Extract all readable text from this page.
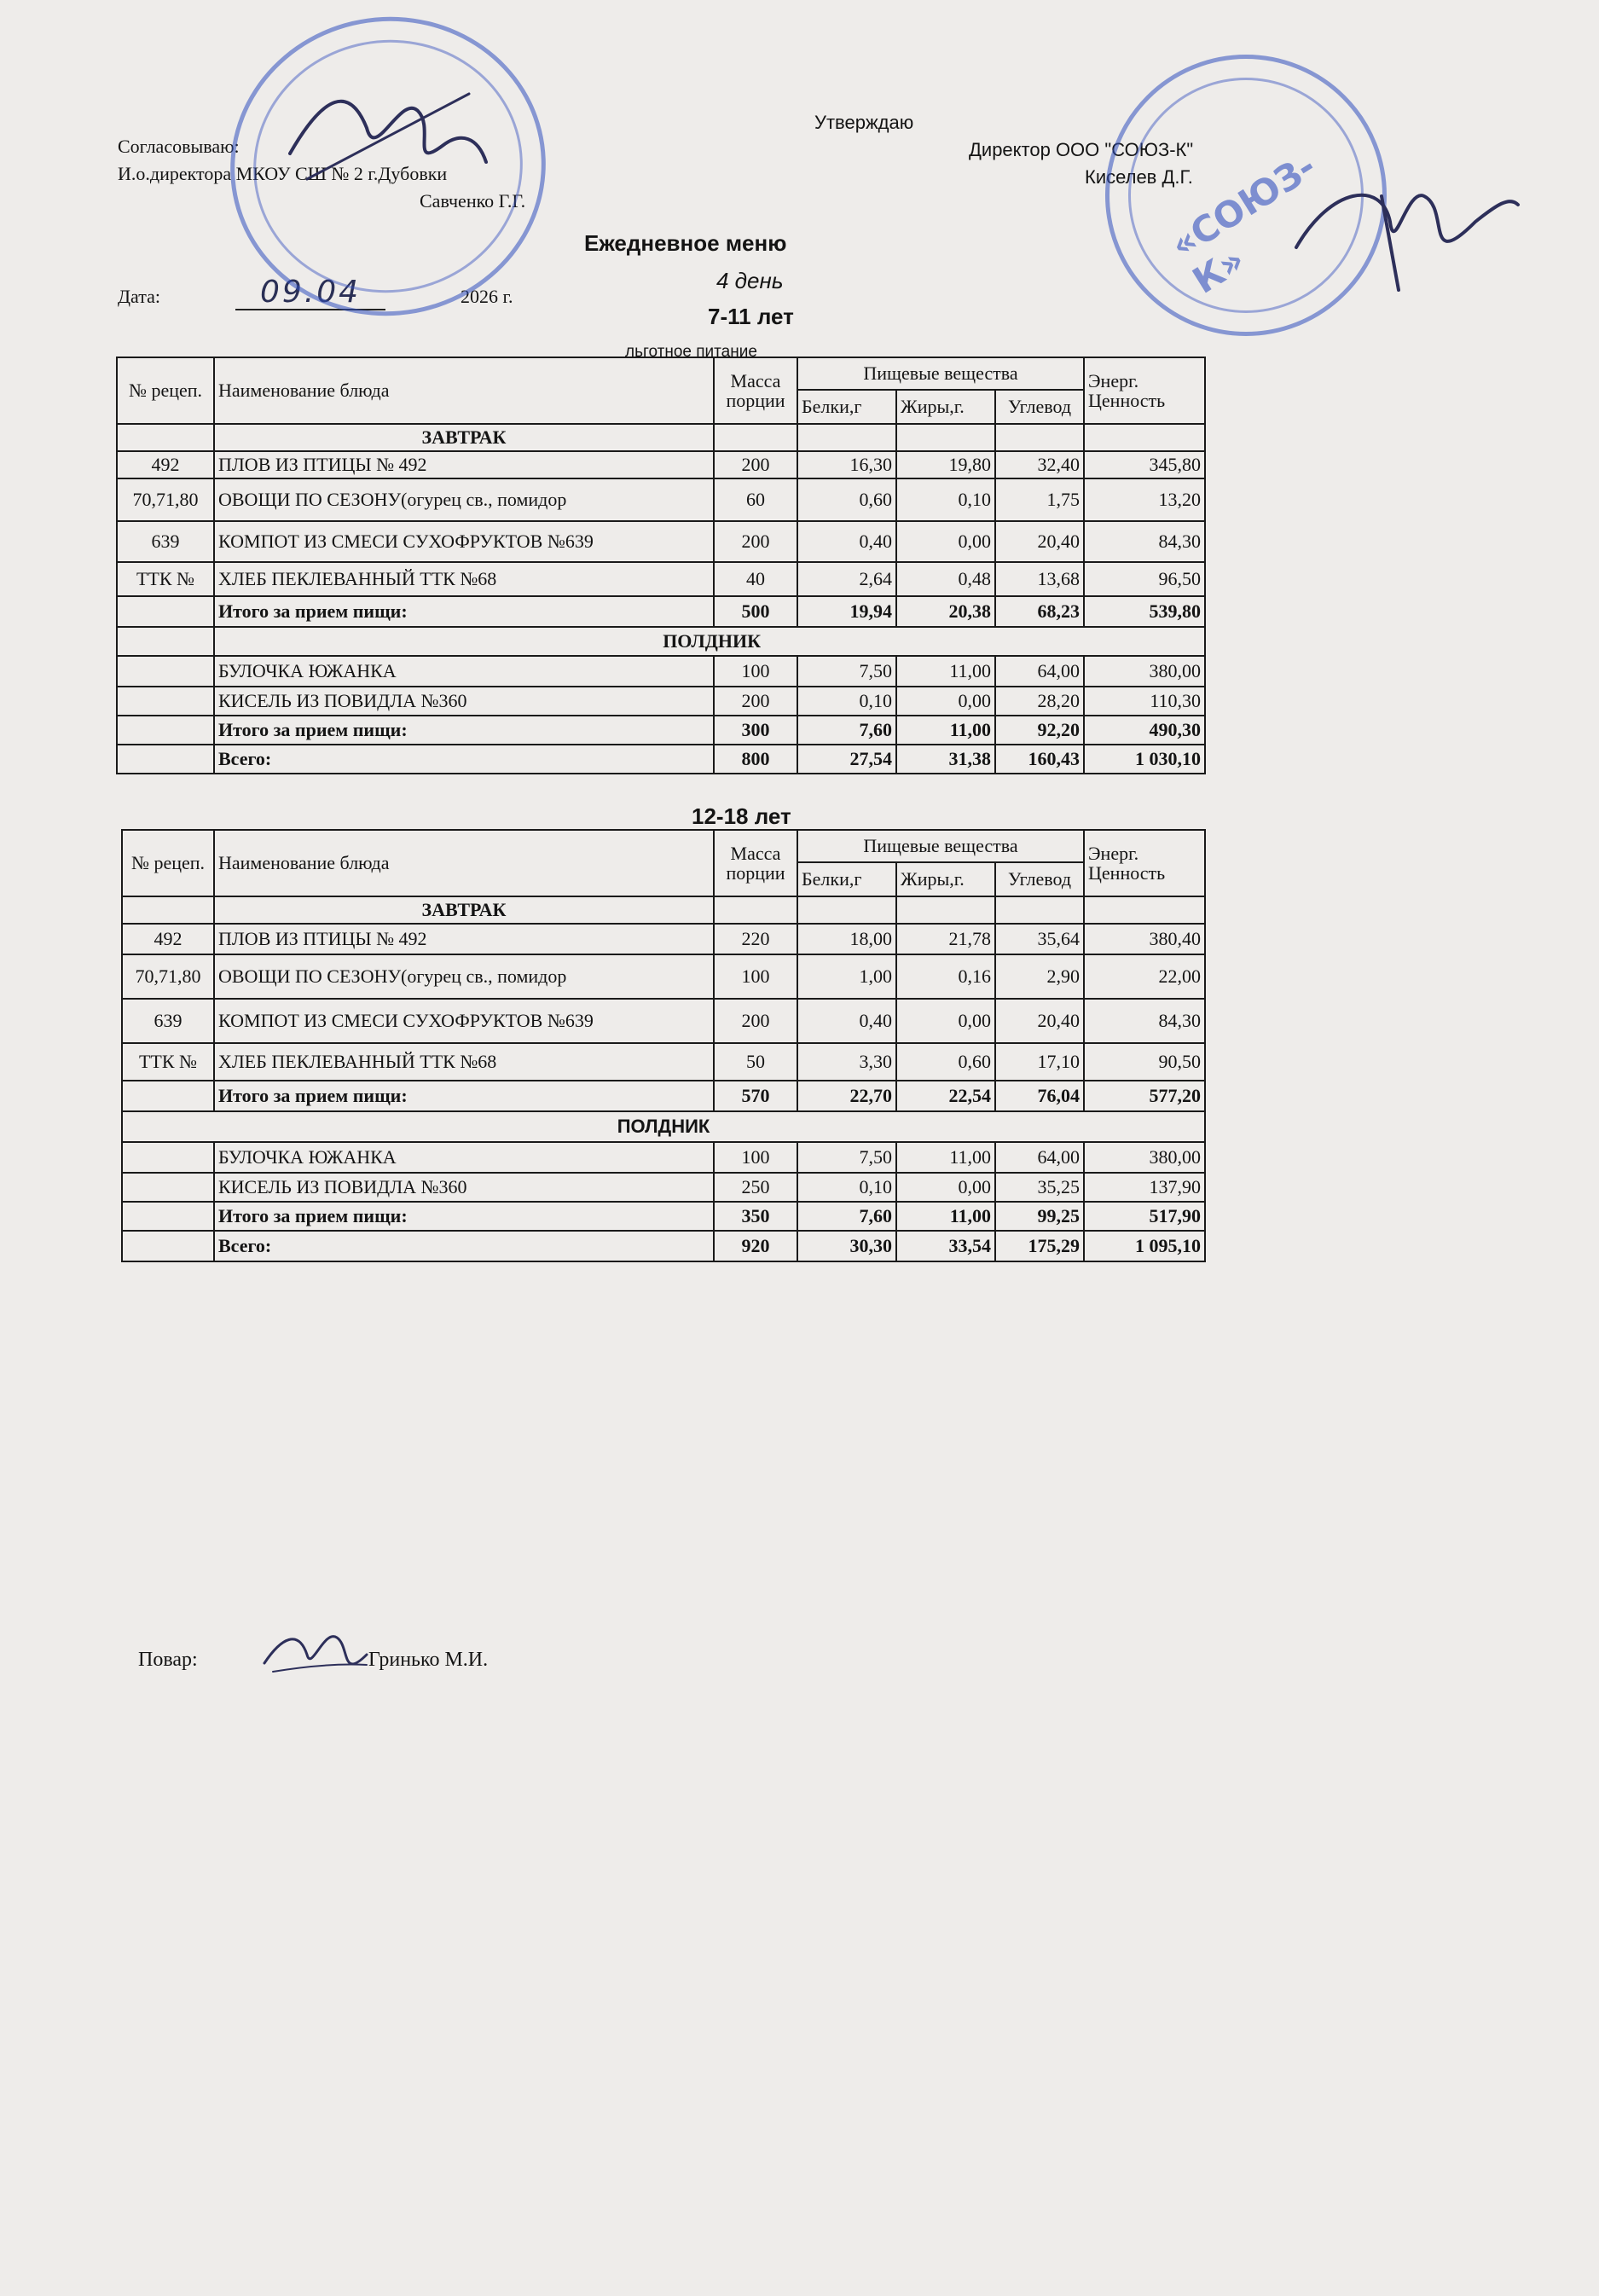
Утверждаю
Директор ООО "СОЮЗ-К"
Киселев Д.Г.
Согласовываю:
И.о.директора МКОУ СШ № 2 г.Дубовки
Савченко Г.Г.
Ежедневное меню
4 день
Дата:	09.04	2026 г.
7-11 лет
льготное питание
№ рецеп.	Наименование блюда	Масса порции	Пищевые вещества			Энерг. Ценность
			Белки,г	Жиры,г.	Углевод	
	ЗАВТРАК					
492	ПЛОВ ИЗ ПТИЦЫ № 492	200	16,30	19,80	32,40	345,80
70,71,80	ОВОЩИ ПО СЕЗОНУ(огурец св., помидор	60	0,60	0,10	1,75	13,20
639	КОМПОТ ИЗ СМЕСИ СУХОФРУКТОВ №639	200	0,40	0,00	20,40	84,30
ТТК №	ХЛЕБ ПЕКЛЕВАННЫЙ ТТК №68	40	2,64	0,48	13,68	96,50
	Итого за прием пищи:	500	19,94	20,38	68,23	539,80
	ПОЛДНИК					
	БУЛОЧКА ЮЖАНКА	100	7,50	11,00	64,00	380,00
	КИСЕЛЬ ИЗ ПОВИДЛА №360	200	0,10	0,00	28,20	110,30
	Итого за прием пищи:	300	7,60	11,00	92,20	490,30
	Всего:	800	27,54	31,38	160,43	1 030,10
12-18 лет
№ рецеп.	Наименование блюда	Масса порции	Пищевые вещества			Энерг. Ценность
			Белки,г	Жиры,г.	Углевод	
	ЗАВТРАК					
492	ПЛОВ ИЗ ПТИЦЫ № 492	220	18,00	21,78	35,64	380,40
70,71,80	ОВОЩИ ПО СЕЗОНУ(огурец св., помидор	100	1,00	0,16	2,90	22,00
639	КОМПОТ ИЗ СМЕСИ СУХОФРУКТОВ №639	200	0,40	0,00	20,40	84,30
ТТК №	ХЛЕБ ПЕКЛЕВАННЫЙ ТТК №68	50	3,30	0,60	17,10	90,50
	Итого за прием пищи:	570	22,70	22,54	76,04	577,20
ПОЛДНИК						
	БУЛОЧКА ЮЖАНКА	100	7,50	11,00	64,00	380,00
	КИСЕЛЬ ИЗ ПОВИДЛА №360	250	0,10	0,00	35,25	137,90
	Итого за прием пищи:	350	7,60	11,00	99,25	517,90
	Всего:	920	30,30	33,54	175,29	1 095,10
Повар:	Гринько М.И.
«СОЮЗ-К»
